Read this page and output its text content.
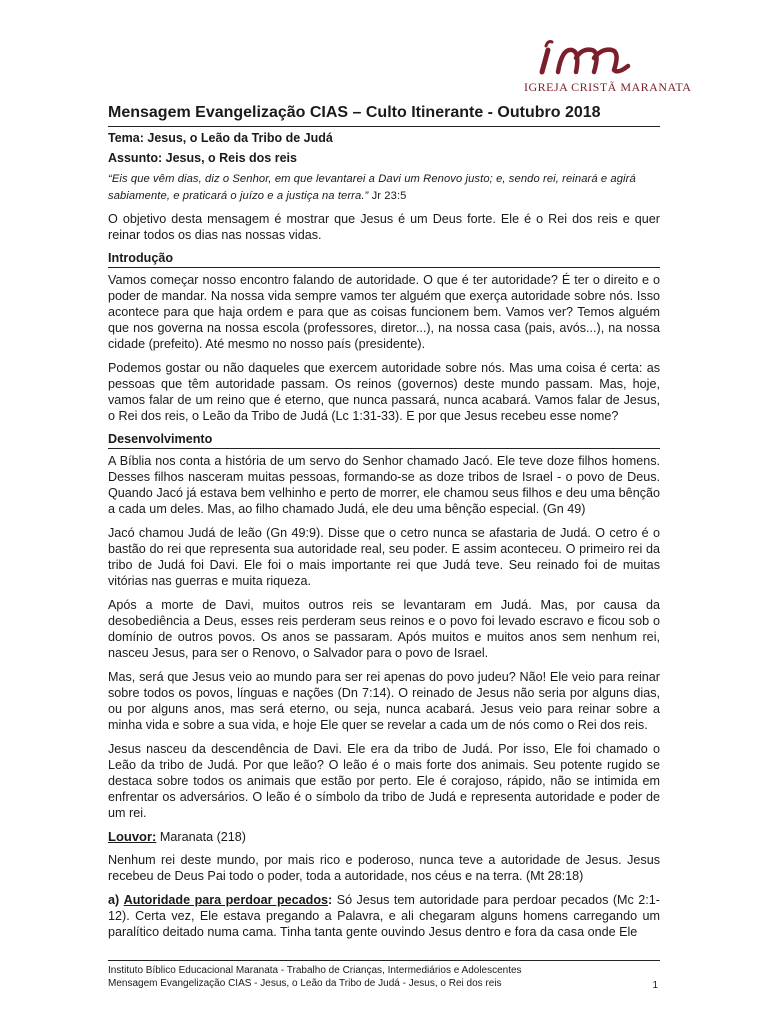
IGREJA CRISTÃ MARANATA
Mensagem Evangelização CIAS – Culto Itinerante - Outubro 2018
Tema: Jesus, o Leão da Tribo de Judá
Assunto: Jesus, o Reis dos reis
“Eis que vêm dias, diz o Senhor, em que levantarei a Davi um Renovo justo; e, sendo rei, reinará e agirá sabiamente, e praticará o juízo e a justiça na terra.” Jr 23:5

O objetivo desta mensagem é mostrar que Jesus é um Deus forte. Ele é o Rei dos reis e quer reinar todos os dias nas nossas vidas.

Introdução

Vamos começar nosso encontro falando de autoridade. O que é ter autoridade? É ter o direito e o poder de mandar. Na nossa vida sempre vamos ter alguém que exerça autoridade sobre nós. Isso acontece para que haja ordem e para que as coisas funcionem bem. Vamos ver? Temos alguém que nos governa na nossa escola (professores, diretor...), na nossa casa (pais, avós...), na nossa cidade (prefeito). Até mesmo no nosso país (presidente).

Podemos gostar ou não daqueles que exercem autoridade sobre nós. Mas uma coisa é certa: as pessoas que têm autoridade passam. Os reinos (governos) deste mundo passam. Mas, hoje, vamos falar de um reino que é eterno, que nunca passará, nunca acabará. Vamos falar de Jesus, o Rei dos reis, o Leão da Tribo de Judá (Lc 1:31-33). E por que Jesus recebeu esse nome?

Desenvolvimento

A Bíblia nos conta a história de um servo do Senhor chamado Jacó. Ele teve doze filhos homens. Desses filhos nasceram muitas pessoas, formando-se as doze tribos de Israel - o povo de Deus. Quando Jacó já estava bem velhinho e perto de morrer, ele chamou seus filhos e deu uma bênção a cada um deles. Mas, ao filho chamado Judá, ele deu uma bênção especial. (Gn 49)

Jacó chamou Judá de leão (Gn 49:9). Disse que o cetro nunca se afastaria de Judá. O cetro é o bastão do rei que representa sua autoridade real, seu poder. E assim aconteceu. O primeiro rei da tribo de Judá foi Davi. Ele foi o mais importante rei que Judá teve. Seu reinado foi de muitas vitórias nas guerras e muita riqueza.

Após a morte de Davi, muitos outros reis se levantaram em Judá. Mas, por causa da desobediência a Deus, esses reis perderam seus reinos e o povo foi levado escravo e ficou sob o domínio de outros povos. Os anos se passaram. Após muitos e muitos anos sem nenhum rei, nasceu Jesus, para ser o Renovo, o Salvador para o povo de Israel.

Mas, será que Jesus veio ao mundo para ser rei apenas do povo judeu? Não! Ele veio para reinar sobre todos os povos, línguas e nações (Dn 7:14). O reinado de Jesus não seria por alguns dias, ou por alguns anos, mas será eterno, ou seja, nunca acabará. Jesus veio para reinar sobre a minha vida e sobre a sua vida, e hoje Ele quer se revelar a cada um de nós como o Rei dos reis.

Jesus nasceu da descendência de Davi. Ele era da tribo de Judá. Por isso, Ele foi chamado o Leão da tribo de Judá. Por que leão? O leão é o mais forte dos animais. Seu potente rugido se destaca sobre todos os animais que estão por perto. Ele é corajoso, rápido, não se intimida em enfrentar os adversários. O leão é o símbolo da tribo de Judá e representa autoridade e poder de um rei.

Louvor: Maranata (218)

Nenhum rei deste mundo, por mais rico e poderoso, nunca teve a autoridade de Jesus. Jesus recebeu de Deus Pai todo o poder, toda a autoridade, nos céus e na terra. (Mt 28:18)

a) Autoridade para perdoar pecados: Só Jesus tem autoridade para perdoar pecados (Mc 2:1-12). Certa vez, Ele estava pregando a Palavra, e ali chegaram alguns homens carregando um paralítico deitado numa cama. Tinha tanta gente ouvindo Jesus dentro e fora da casa onde Ele

Instituto Bíblico Educacional Maranata - Trabalho de Crianças, Intermediários e Adolescentes
Mensagem Evangelização CIAS - Jesus, o Leão da Tribo de Judá - Jesus, o Rei dos reis	1
